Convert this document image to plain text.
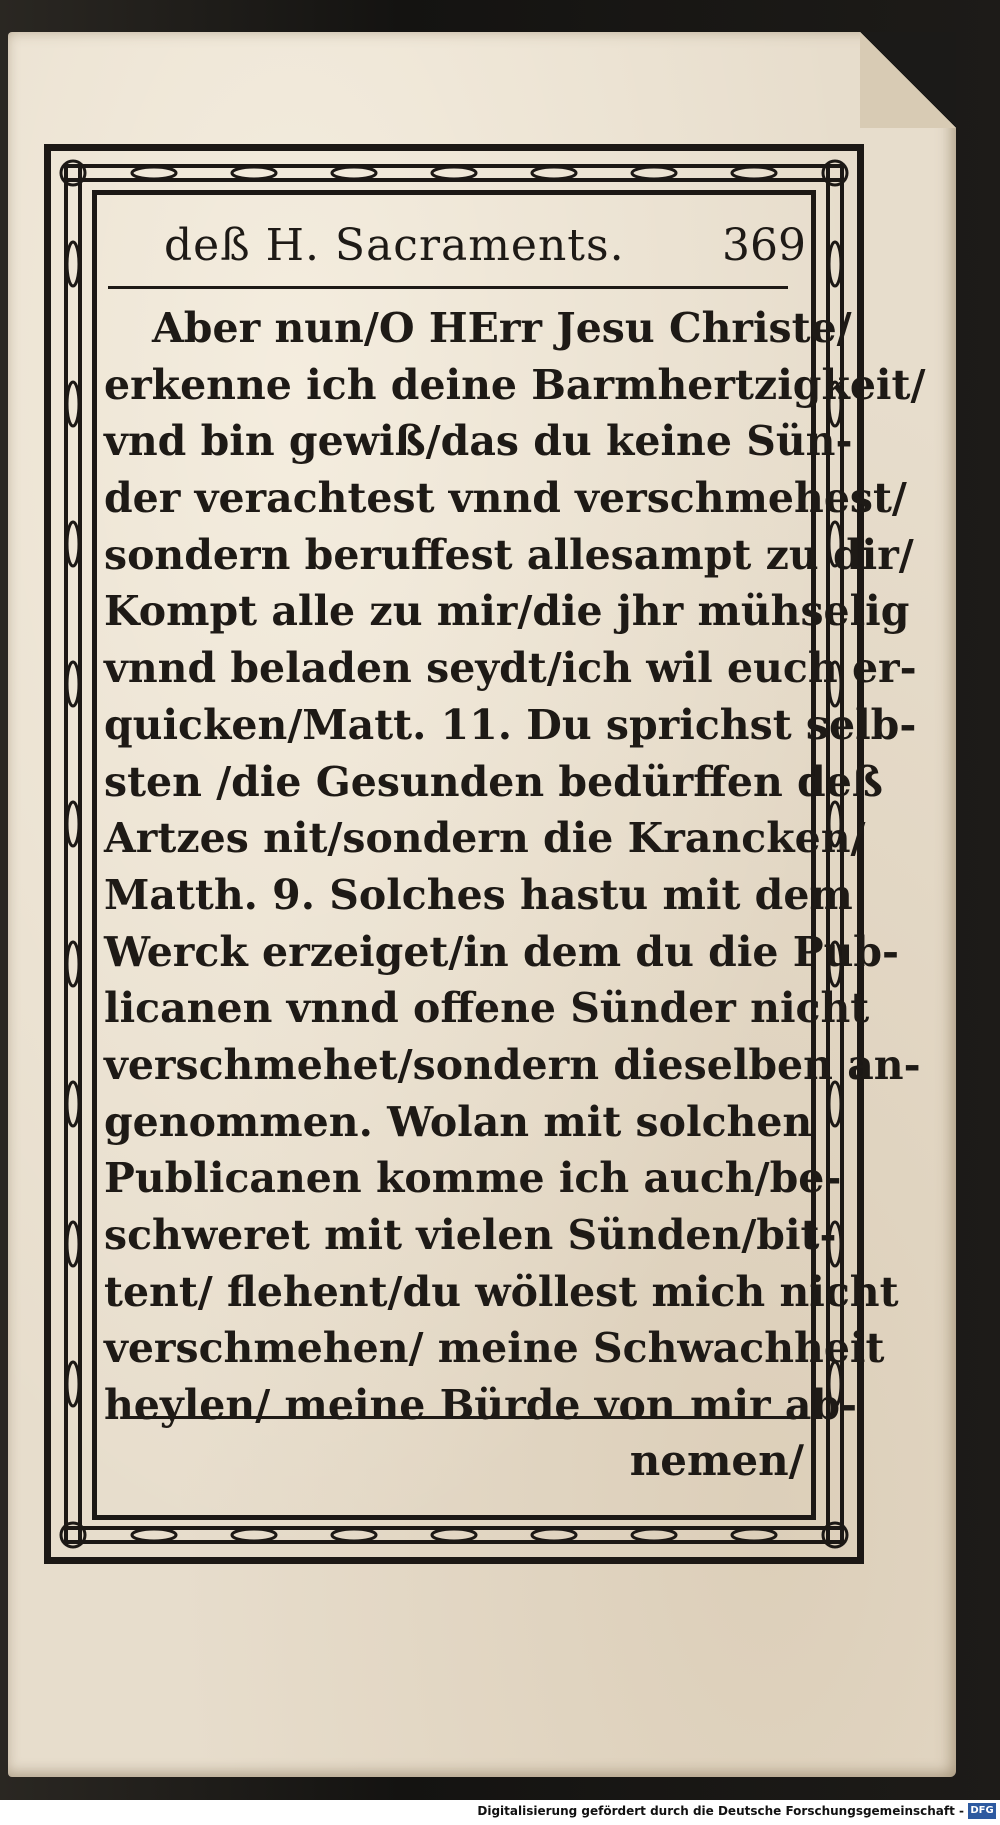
deß H. Sacraments. 369
Aber nun/O HErr Jesu Christe/
erkenne ich deine Barmhertzigkeit/
vnd bin gewiß/das du keine Sün-
der verachtest vnnd verschmehest/
sondern beruffest allesampt zu dir/
Kompt alle zu mir/die jhr mühselig
vnnd beladen seydt/ich wil euch er-
quicken/Matt. 11. Du sprichst selb-
sten /die Gesunden bedürffen deß
Artzes nit/sondern die Krancken/
Matth. 9. Solches hastu mit dem
Werck erzeiget/in dem du die Pub-
licanen vnnd offene Sünder nicht
verschmehet/sondern dieselben an-
genommen. Wolan mit solchen
Publicanen komme ich auch/be-
schweret mit vielen Sünden/bit-
tent/ flehent/du wöllest mich nicht
verschmehen/ meine Schwachheit
heylen/ meine Bürde von mir ab-
nemen/
Digitalisierung gefördert durch die Deutsche Forschungsgemeinschaft - DFG
